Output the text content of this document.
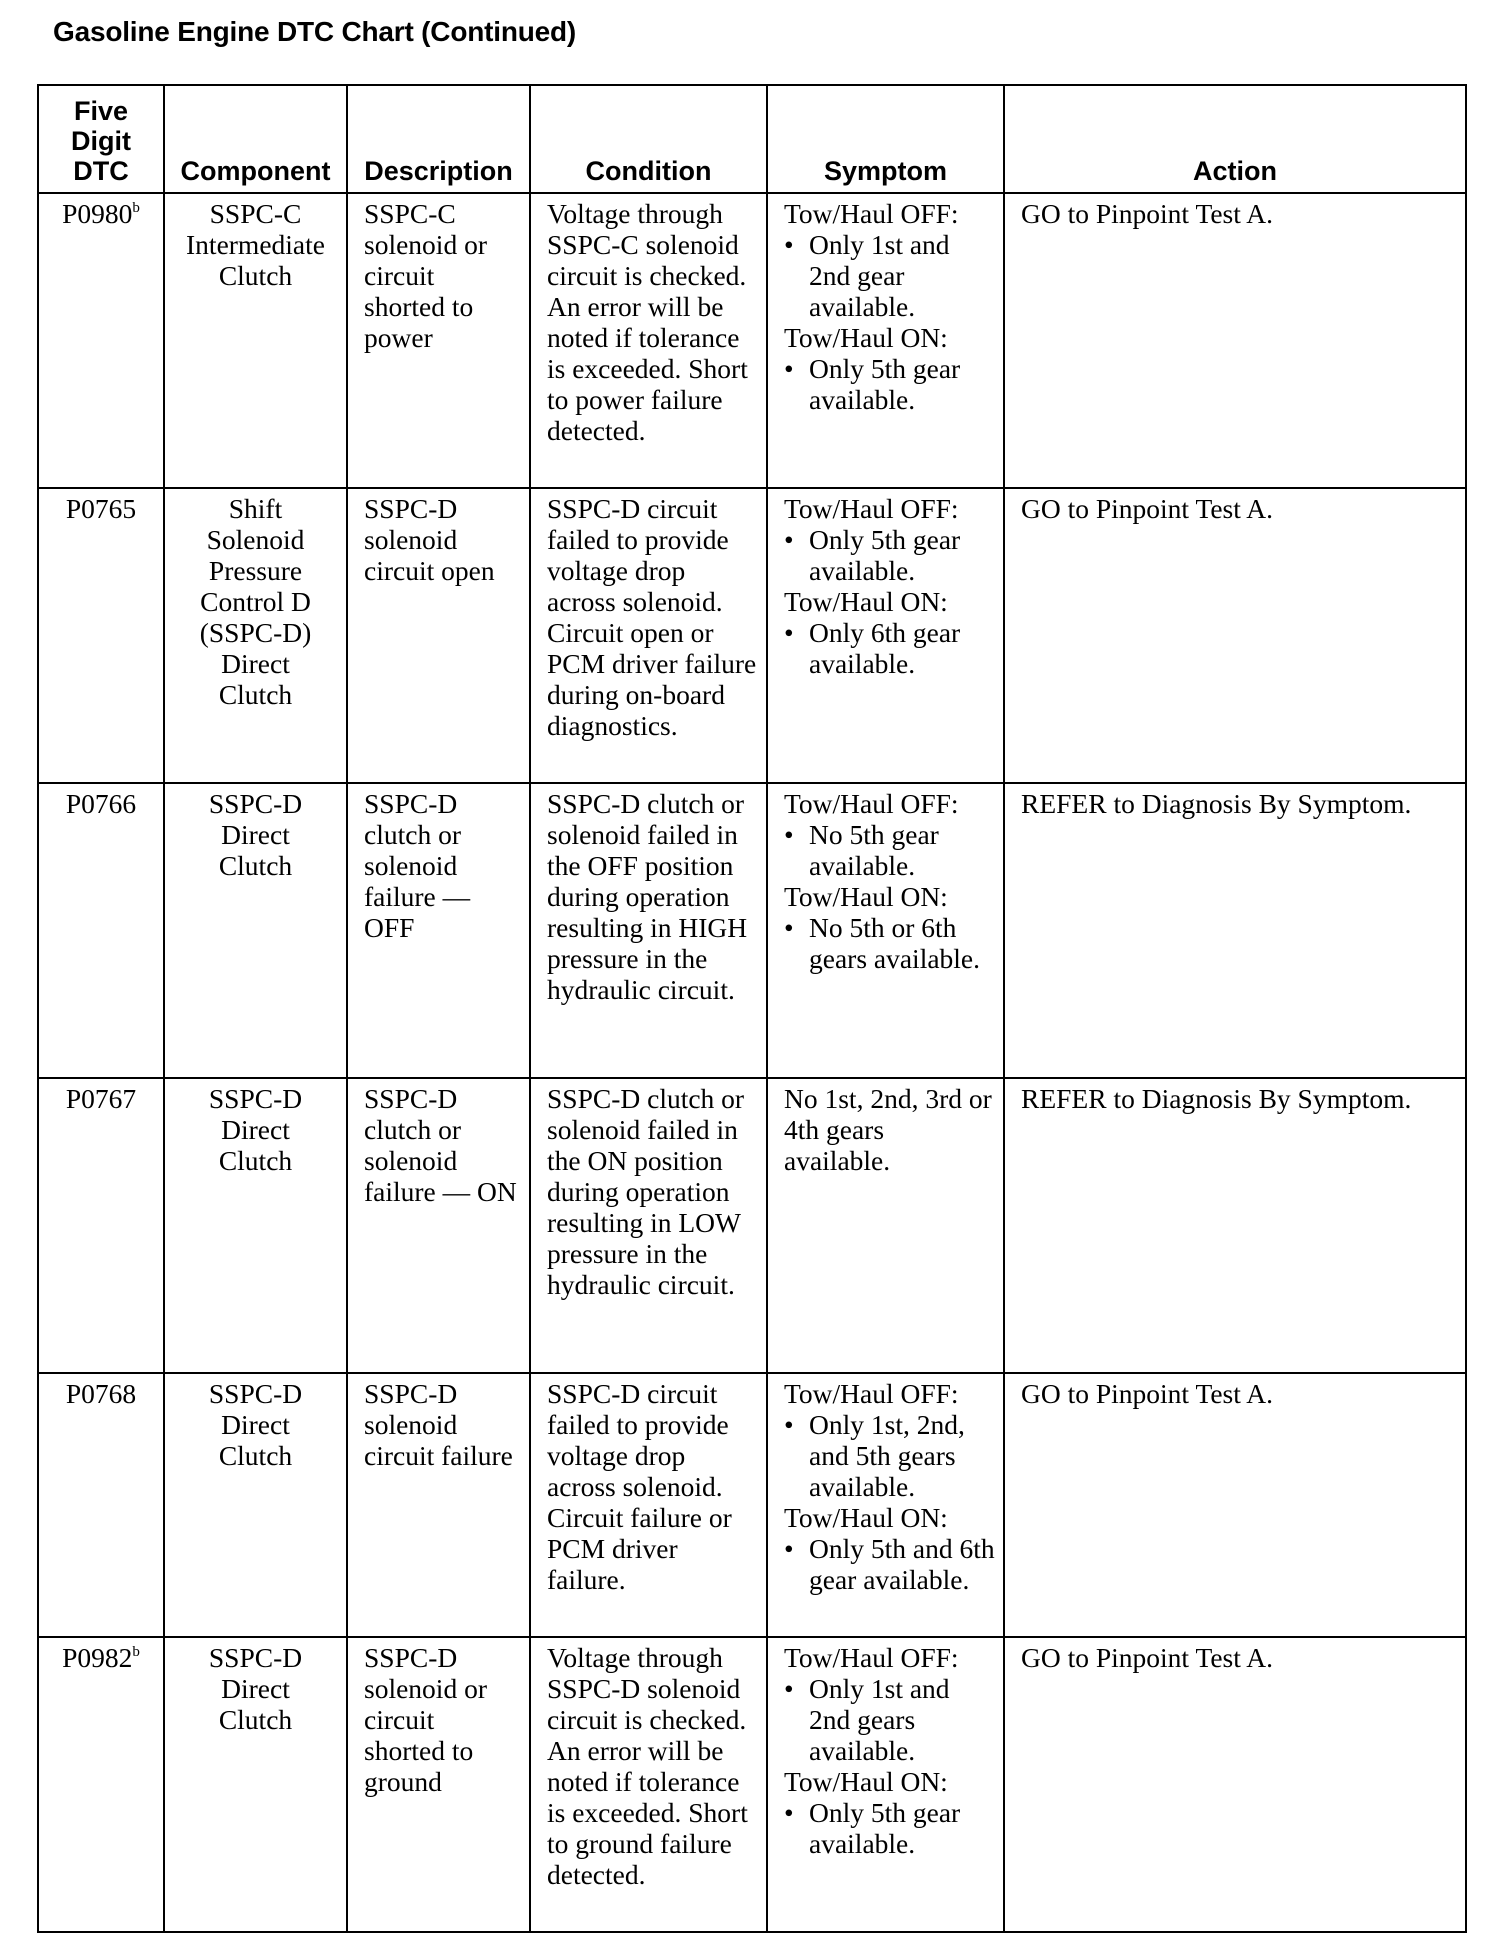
Gasoline Engine DTC Chart (Continued)
Five Digit DTC	Component	Description	Condition	Symptom	Action
P0980$^b$	SSPC-C Intermediate Clutch	SSPC-C solenoid or circuit shorted to power	Voltage through SSPC-C solenoid circuit is checked. An error will be noted if tolerance is exceeded. Short to power failure detected.	Tow/Haul OFF:
• Only 1st and 2nd gear available.
Tow/Haul ON:
• Only 5th gear available.	GO to Pinpoint Test A.
P0765	Shift Solenoid Pressure Control D (SSPC-D) Direct Clutch	SSPC-D solenoid circuit open	SSPC-D circuit failed to provide voltage drop across solenoid. Circuit open or PCM driver failure during on-board diagnostics.	Tow/Haul OFF:
• Only 5th gear available.
Tow/Haul ON:
• Only 6th gear available.	GO to Pinpoint Test A.
P0766	SSPC-D Direct Clutch	SSPC-D clutch or solenoid failure — OFF	SSPC-D clutch or solenoid failed in the OFF position during operation resulting in HIGH pressure in the hydraulic circuit.	Tow/Haul OFF:
• No 5th gear available.
Tow/Haul ON:
• No 5th or 6th gears available.	REFER to Diagnosis By Symptom.
P0767	SSPC-D Direct Clutch	SSPC-D clutch or solenoid failure — ON	SSPC-D clutch or solenoid failed in the ON position during operation resulting in LOW pressure in the hydraulic circuit.	No 1st, 2nd, 3rd or 4th gears available.	REFER to Diagnosis By Symptom.
P0768	SSPC-D Direct Clutch	SSPC-D solenoid circuit failure	SSPC-D circuit failed to provide voltage drop across solenoid. Circuit failure or PCM driver failure.	Tow/Haul OFF:
• Only 1st, 2nd, and 5th gears available.
Tow/Haul ON:
• Only 5th and 6th gear available.	GO to Pinpoint Test A.
P0982$^b$	SSPC-D Direct Clutch	SSPC-D solenoid or circuit shorted to ground	Voltage through SSPC-D solenoid circuit is checked. An error will be noted if tolerance is exceeded. Short to ground failure detected.	Tow/Haul OFF:
• Only 1st and 2nd gears available.
Tow/Haul ON:
• Only 5th gear available.	GO to Pinpoint Test A.
